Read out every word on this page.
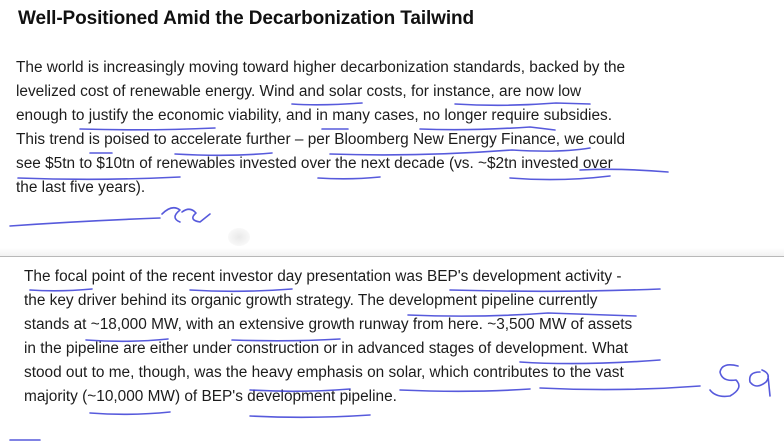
Well-Positioned Amid the Decarbonization Tailwind
The world is increasingly moving toward higher decarbonization standards, backed by the
levelized cost of renewable energy. Wind and solar costs, for instance, are now low
enough to justify the economic viability, and in many cases, no longer require subsidies.
This trend is poised to accelerate further – per Bloomberg New Energy Finance, we could
see $5tn to $10tn of renewables invested over the next decade (vs. ~$2tn invested over
the last five years).
The focal point of the recent investor day presentation was BEP's development activity -
the key driver behind its organic growth strategy. The development pipeline currently
stands at ~18,000 MW, with an extensive growth runway from here. ~3,500 MW of assets
in the pipeline are either under construction or in advanced stages of development. What
stood out to me, though, was the heavy emphasis on solar, which contributes to the vast
majority (~10,000 MW) of BEP's development pipeline.
